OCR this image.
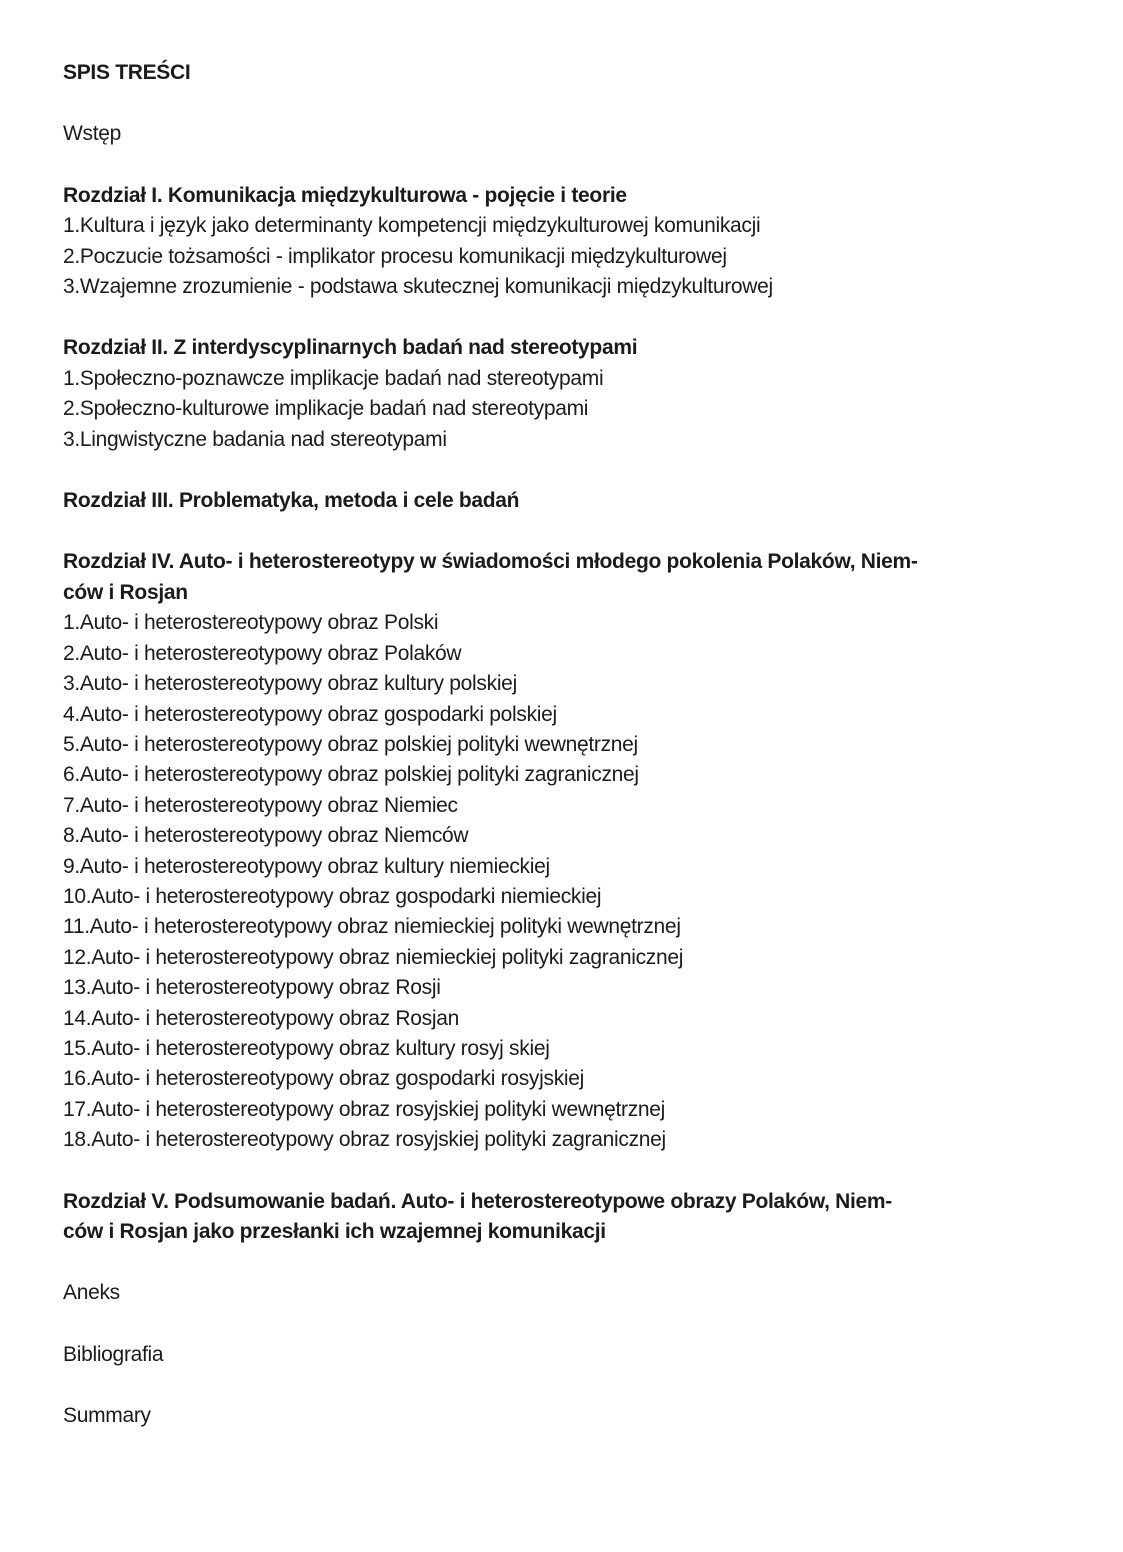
SPIS TREŚCI

Wstęp

Rozdział I. Komunikacja międzykulturowa - pojęcie i teorie

1.Kultura i język jako determinanty kompetencji międzykulturowej komunikacji

2.Poczucie tożsamości - implikator procesu komunikacji międzykulturowej

3.Wzajemne zrozumienie - podstawa skutecznej komunikacji międzykulturowej

Rozdział II. Z interdyscyplinarnych badań nad stereotypami

1.Społeczno-poznawcze implikacje badań nad stereotypami

2.Społeczno-kulturowe implikacje badań nad stereotypami

3.Lingwistyczne badania nad stereotypami

Rozdział III. Problematyka, metoda i cele badań

Rozdział IV. Auto- i heterostereotypy w świadomości młodego pokolenia Polaków, Niem-

ców i Rosjan

1.Auto- i heterostereotypowy obraz Polski

2.Auto- i heterostereotypowy obraz Polaków

3.Auto- i heterostereotypowy obraz kultury polskiej

4.Auto- i heterostereotypowy obraz gospodarki polskiej

5.Auto- i heterostereotypowy obraz polskiej polityki wewnętrznej

6.Auto- i heterostereotypowy obraz polskiej polityki zagranicznej

7.Auto- i heterostereotypowy obraz Niemiec

8.Auto- i heterostereotypowy obraz Niemców

9.Auto- i heterostereotypowy obraz kultury niemieckiej

10.Auto- i heterostereotypowy obraz gospodarki niemieckiej

11.Auto- i heterostereotypowy obraz niemieckiej polityki wewnętrznej

12.Auto- i heterostereotypowy obraz niemieckiej polityki zagranicznej

13.Auto- i heterostereotypowy obraz Rosji

14.Auto- i heterostereotypowy obraz Rosjan

15.Auto- i heterostereotypowy obraz kultury rosyj skiej

16.Auto- i heterostereotypowy obraz gospodarki rosyjskiej

17.Auto- i heterostereotypowy obraz rosyjskiej polityki wewnętrznej

18.Auto- i heterostereotypowy obraz rosyjskiej polityki zagranicznej

Rozdział V. Podsumowanie badań. Auto- i heterostereotypowe obrazy Polaków, Niem-

ców i Rosjan jako przesłanki ich wzajemnej komunikacji

Aneks

Bibliografia

Summary
